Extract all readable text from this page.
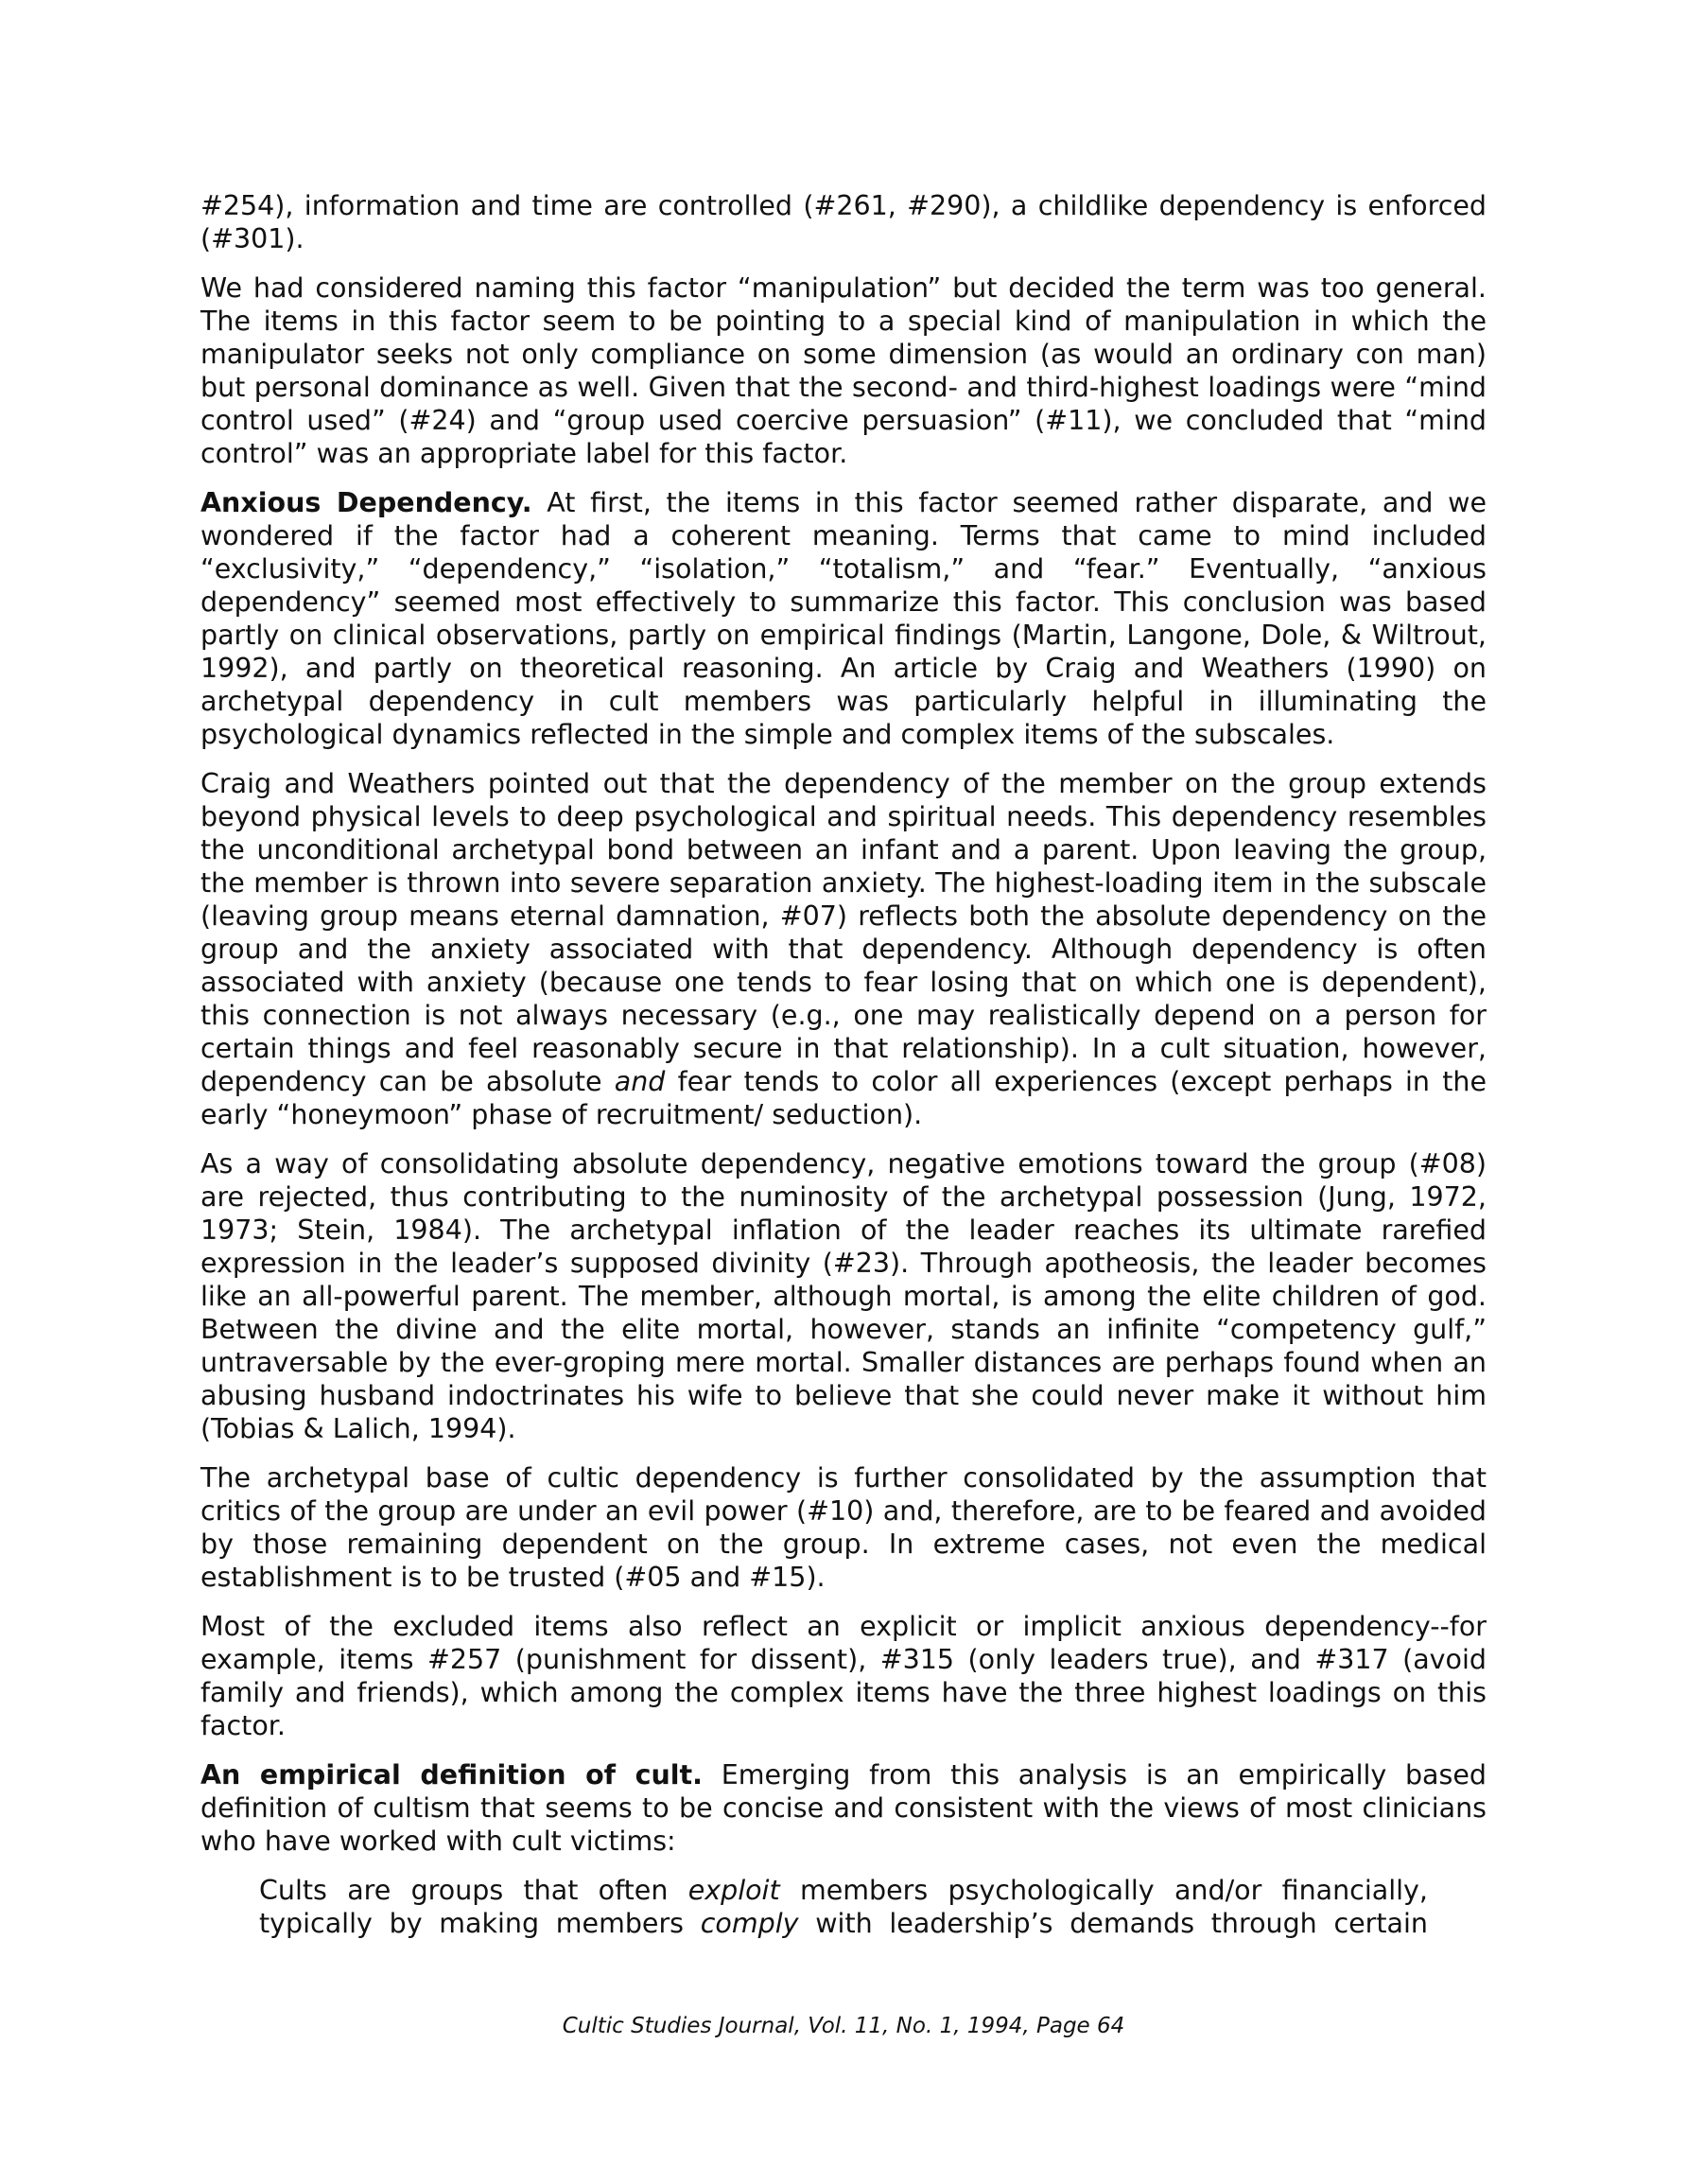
#254), information and time are controlled (#261, #290), a childlike dependency is enforced (#301).

We had considered naming this factor “manipulation” but decided the term was too general. The items in this factor seem to be pointing to a special kind of manipulation in which the manipulator seeks not only compliance on some dimension (as would an ordinary con man) but personal dominance as well. Given that the second- and third-highest loadings were “mind control used” (#24) and “group used coercive persuasion” (#11), we concluded that “mind control” was an appropriate label for this factor.

Anxious Dependency. At first, the items in this factor seemed rather disparate, and we wondered if the factor had a coherent meaning. Terms that came to mind included “exclusivity,” “dependency,” “isolation,” “totalism,” and “fear.” Eventually, “anxious dependency” seemed most effectively to summarize this factor. This conclusion was based partly on clinical observations, partly on empirical findings (Martin, Langone, Dole, & Wiltrout, 1992), and partly on theoretical reasoning. An article by Craig and Weathers (1990) on archetypal dependency in cult members was particularly helpful in illuminating the psychological dynamics reflected in the simple and complex items of the subscales.

Craig and Weathers pointed out that the dependency of the member on the group extends beyond physical levels to deep psychological and spiritual needs. This dependency resembles the unconditional archetypal bond between an infant and a parent. Upon leaving the group, the member is thrown into severe separation anxiety. The highest-loading item in the subscale (leaving group means eternal damnation, #07) reflects both the absolute dependency on the group and the anxiety associated with that dependency. Although dependency is often associated with anxiety (because one tends to fear losing that on which one is dependent), this connection is not always necessary (e.g., one may realistically depend on a person for certain things and feel reasonably secure in that relationship). In a cult situation, however, dependency can be absolute and fear tends to color all experiences (except perhaps in the early “honeymoon” phase of recruitment/ seduction).

As a way of consolidating absolute dependency, negative emotions toward the group (#08) are rejected, thus contributing to the numinosity of the archetypal possession (Jung, 1972, 1973; Stein, 1984). The archetypal inflation of the leader reaches its ultimate rarefied expression in the leader’s supposed divinity (#23). Through apotheosis, the leader becomes like an all-powerful parent. The member, although mortal, is among the elite children of god. Between the divine and the elite mortal, however, stands an infinite “competency gulf,” untraversable by the ever-groping mere mortal. Smaller distances are perhaps found when an abusing husband indoctrinates his wife to believe that she could never make it without him (Tobias & Lalich, 1994).

The archetypal base of cultic dependency is further consolidated by the assumption that critics of the group are under an evil power (#10) and, therefore, are to be feared and avoided by those remaining dependent on the group. In extreme cases, not even the medical establishment is to be trusted (#05 and #15).

Most of the excluded items also reflect an explicit or implicit anxious dependency--for example, items #257 (punishment for dissent), #315 (only leaders true), and #317 (avoid family and friends), which among the complex items have the three highest loadings on this factor.

An empirical definition of cult. Emerging from this analysis is an empirically based definition of cultism that seems to be concise and consistent with the views of most clinicians who have worked with cult victims:

Cults are groups that often exploit members psychologically and/or financially, typically by making members comply with leadership’s demands through certain
Cultic Studies Journal, Vol. 11, No. 1, 1994, Page 64
